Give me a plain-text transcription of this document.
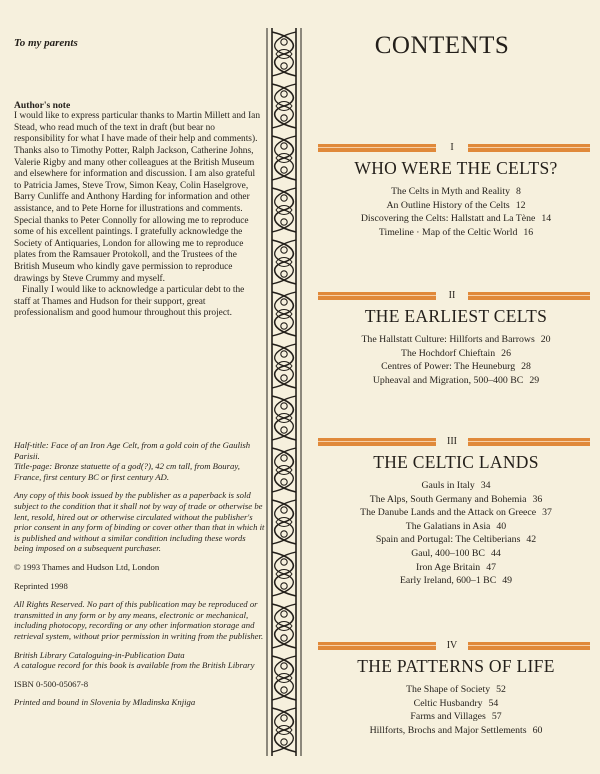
To my parents
Author's note

I would like to express particular thanks to Martin Millett and Ian Stead, who read much of the text in draft (but bear no responsibility for what I have made of their help and comments). Thanks also to Timothy Potter, Ralph Jackson, Catherine Johns, Valerie Rigby and many other colleagues at the British Museum and elsewhere for information and discussion. I am also grateful to Patricia James, Steve Trow, Simon Keay, Colin Haselgrove, Barry Cunliffe and Anthony Harding for information and other assistance, and to Pete Horne for illustrations and comments. Special thanks to Peter Connolly for allowing me to reproduce some of his excellent paintings. I gratefully acknowledge the Society of Antiquaries, London for allowing me to reproduce plates from the Ramsauer Protokoll, and the Trustees of the British Museum who kindly gave permission to reproduce drawings by Steve Crummy and myself.

Finally I would like to acknowledge a particular debt to the staff at Thames and Hudson for their support, great professionalism and good humour throughout this project.

Half-title: Face of an Iron Age Celt, from a gold coin of the Gaulish Parisii.
Title-page: Bronze statuette of a god(?), 42 cm tall, from Bouray, France, first century BC or first century AD.

Any copy of this book issued by the publisher as a paperback is sold subject to the condition that it shall not by way of trade or otherwise be lent, resold, hired out or otherwise circulated without the publisher's prior consent in any form of binding or cover other than that in which it is published and without a similar condition including these words being imposed on a subsequent purchaser.

© 1993 Thames and Hudson Ltd, London

Reprinted 1998

All Rights Reserved. No part of this publication may be reproduced or transmitted in any form or by any means, electronic or mechanical, including photocopy, recording or any other information storage and retrieval system, without prior permission in writing from the publisher.

British Library Cataloguing-in-Publication Data
A catalogue record for this book is available from the British Library

ISBN 0-500-05067-8

Printed and bound in Slovenia by Mladinska Knjiga

CONTENTS
I
WHO WERE THE CELTS?
The Celts in Myth and Reality 8
An Outline History of the Celts 12
Discovering the Celts: Hallstatt and La Tène 14
Timeline · Map of the Celtic World 16
II
THE EARLIEST CELTS
The Hallstatt Culture: Hillforts and Barrows 20
The Hochdorf Chieftain 26
Centres of Power: The Heuneburg 28
Upheaval and Migration, 500–400 BC 29
III
THE CELTIC LANDS
Gauls in Italy 34
The Alps, South Germany and Bohemia 36
The Danube Lands and the Attack on Greece 37
The Galatians in Asia 40
Spain and Portugal: The Celtiberians 42
Gaul, 400–100 BC 44
Iron Age Britain 47
Early Ireland, 600–1 BC 49
IV
THE PATTERNS OF LIFE
The Shape of Society 52
Celtic Husbandry 54
Farms and Villages 57
Hillforts, Brochs and Major Settlements 60
